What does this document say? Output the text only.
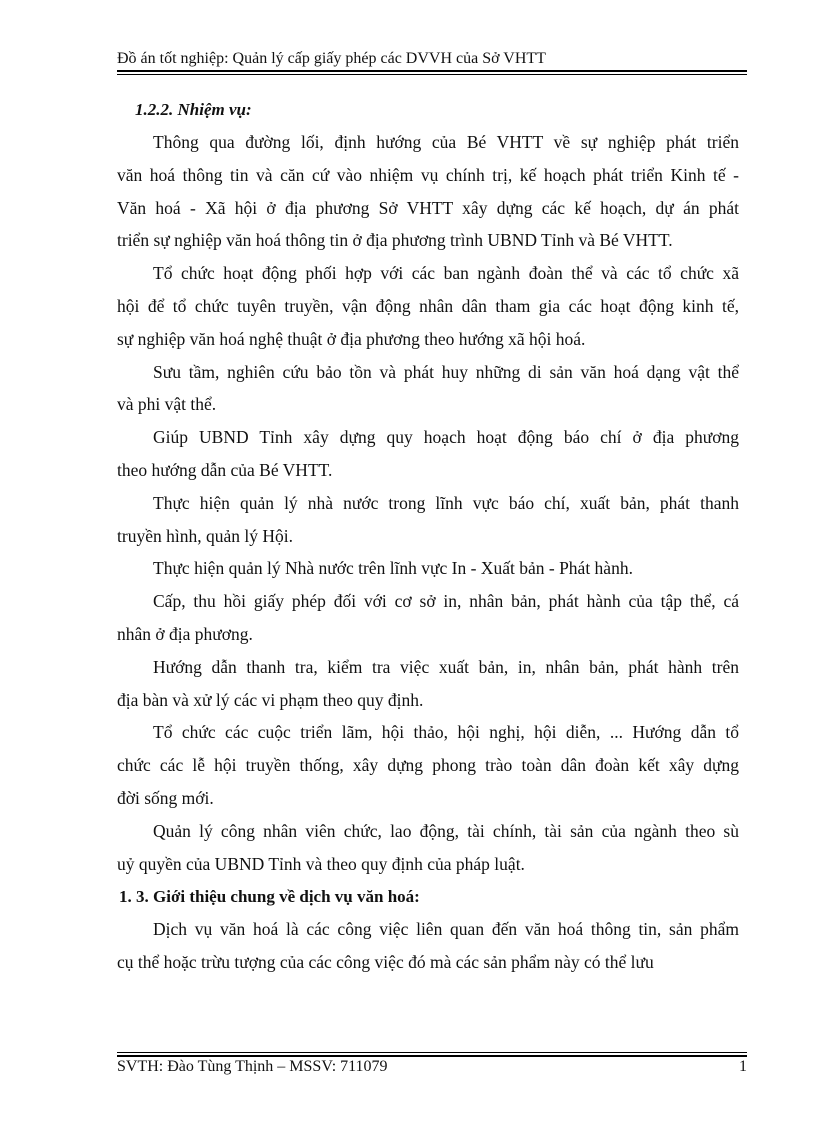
Đồ án tốt nghiệp: Quản lý cấp giấy phép các DVVH của Sở VHTT

1.2.2. Nhiệm vụ:

Thông qua đường lối, định hướng của Bé VHTT về sự nghiệp phát triển
văn hoá thông tin và căn cứ vào nhiệm vụ chính trị, kế hoạch phát triển Kinh tế -
Văn hoá - Xã hội ở địa phương Sở VHTT xây dựng các kế hoạch, dự án phát
triển sự nghiệp văn hoá thông tin ở địa phương trình UBND Tỉnh và Bé VHTT.

Tổ chức hoạt động phối hợp với các ban ngành đoàn thể và các tổ chức xã
hội để tổ chức tuyên truyền, vận động nhân dân tham gia các hoạt động kinh tế,
sự nghiệp văn hoá nghệ thuật ở địa phương theo hướng xã hội hoá.

Sưu tầm, nghiên cứu bảo tồn và phát huy những di sản văn hoá dạng vật thể
và phi vật thể.

Giúp UBND Tỉnh xây dựng quy hoạch hoạt động báo chí ở địa phương
theo hướng dẫn của Bé VHTT.

Thực hiện quản lý nhà nước trong lĩnh vực báo chí, xuất bản, phát thanh
truyền hình, quản lý Hội.

Thực hiện quản lý Nhà nước trên lĩnh vực In - Xuất bản - Phát hành.

Cấp, thu hồi giấy phép đối với cơ sở in, nhân bản, phát hành của tập thể, cá
nhân ở địa phương.

Hướng dẫn thanh tra, kiểm tra việc xuất bản, in, nhân bản, phát hành trên
địa bàn và xử lý các vi phạm theo quy định.

Tổ chức các cuộc triển lãm, hội thảo, hội nghị, hội diễn, ... Hướng dẫn tổ
chức các lễ hội truyền thống, xây dựng phong trào toàn dân đoàn kết xây dựng
đời sống mới.

Quản lý công nhân viên chức, lao động, tài chính, tài sản của ngành theo sù
uỷ quyền của UBND Tỉnh và theo quy định của pháp luật.

1. 3. Giới thiệu chung về dịch vụ văn hoá:

Dịch vụ văn hoá là các công việc liên quan đến văn hoá thông tin, sản phẩm
cụ thể hoặc trừu tượng của các công việc đó mà các sản phẩm này có thể lưu

SVTH: Đào Tùng Thịnh – MSSV: 711079	1
